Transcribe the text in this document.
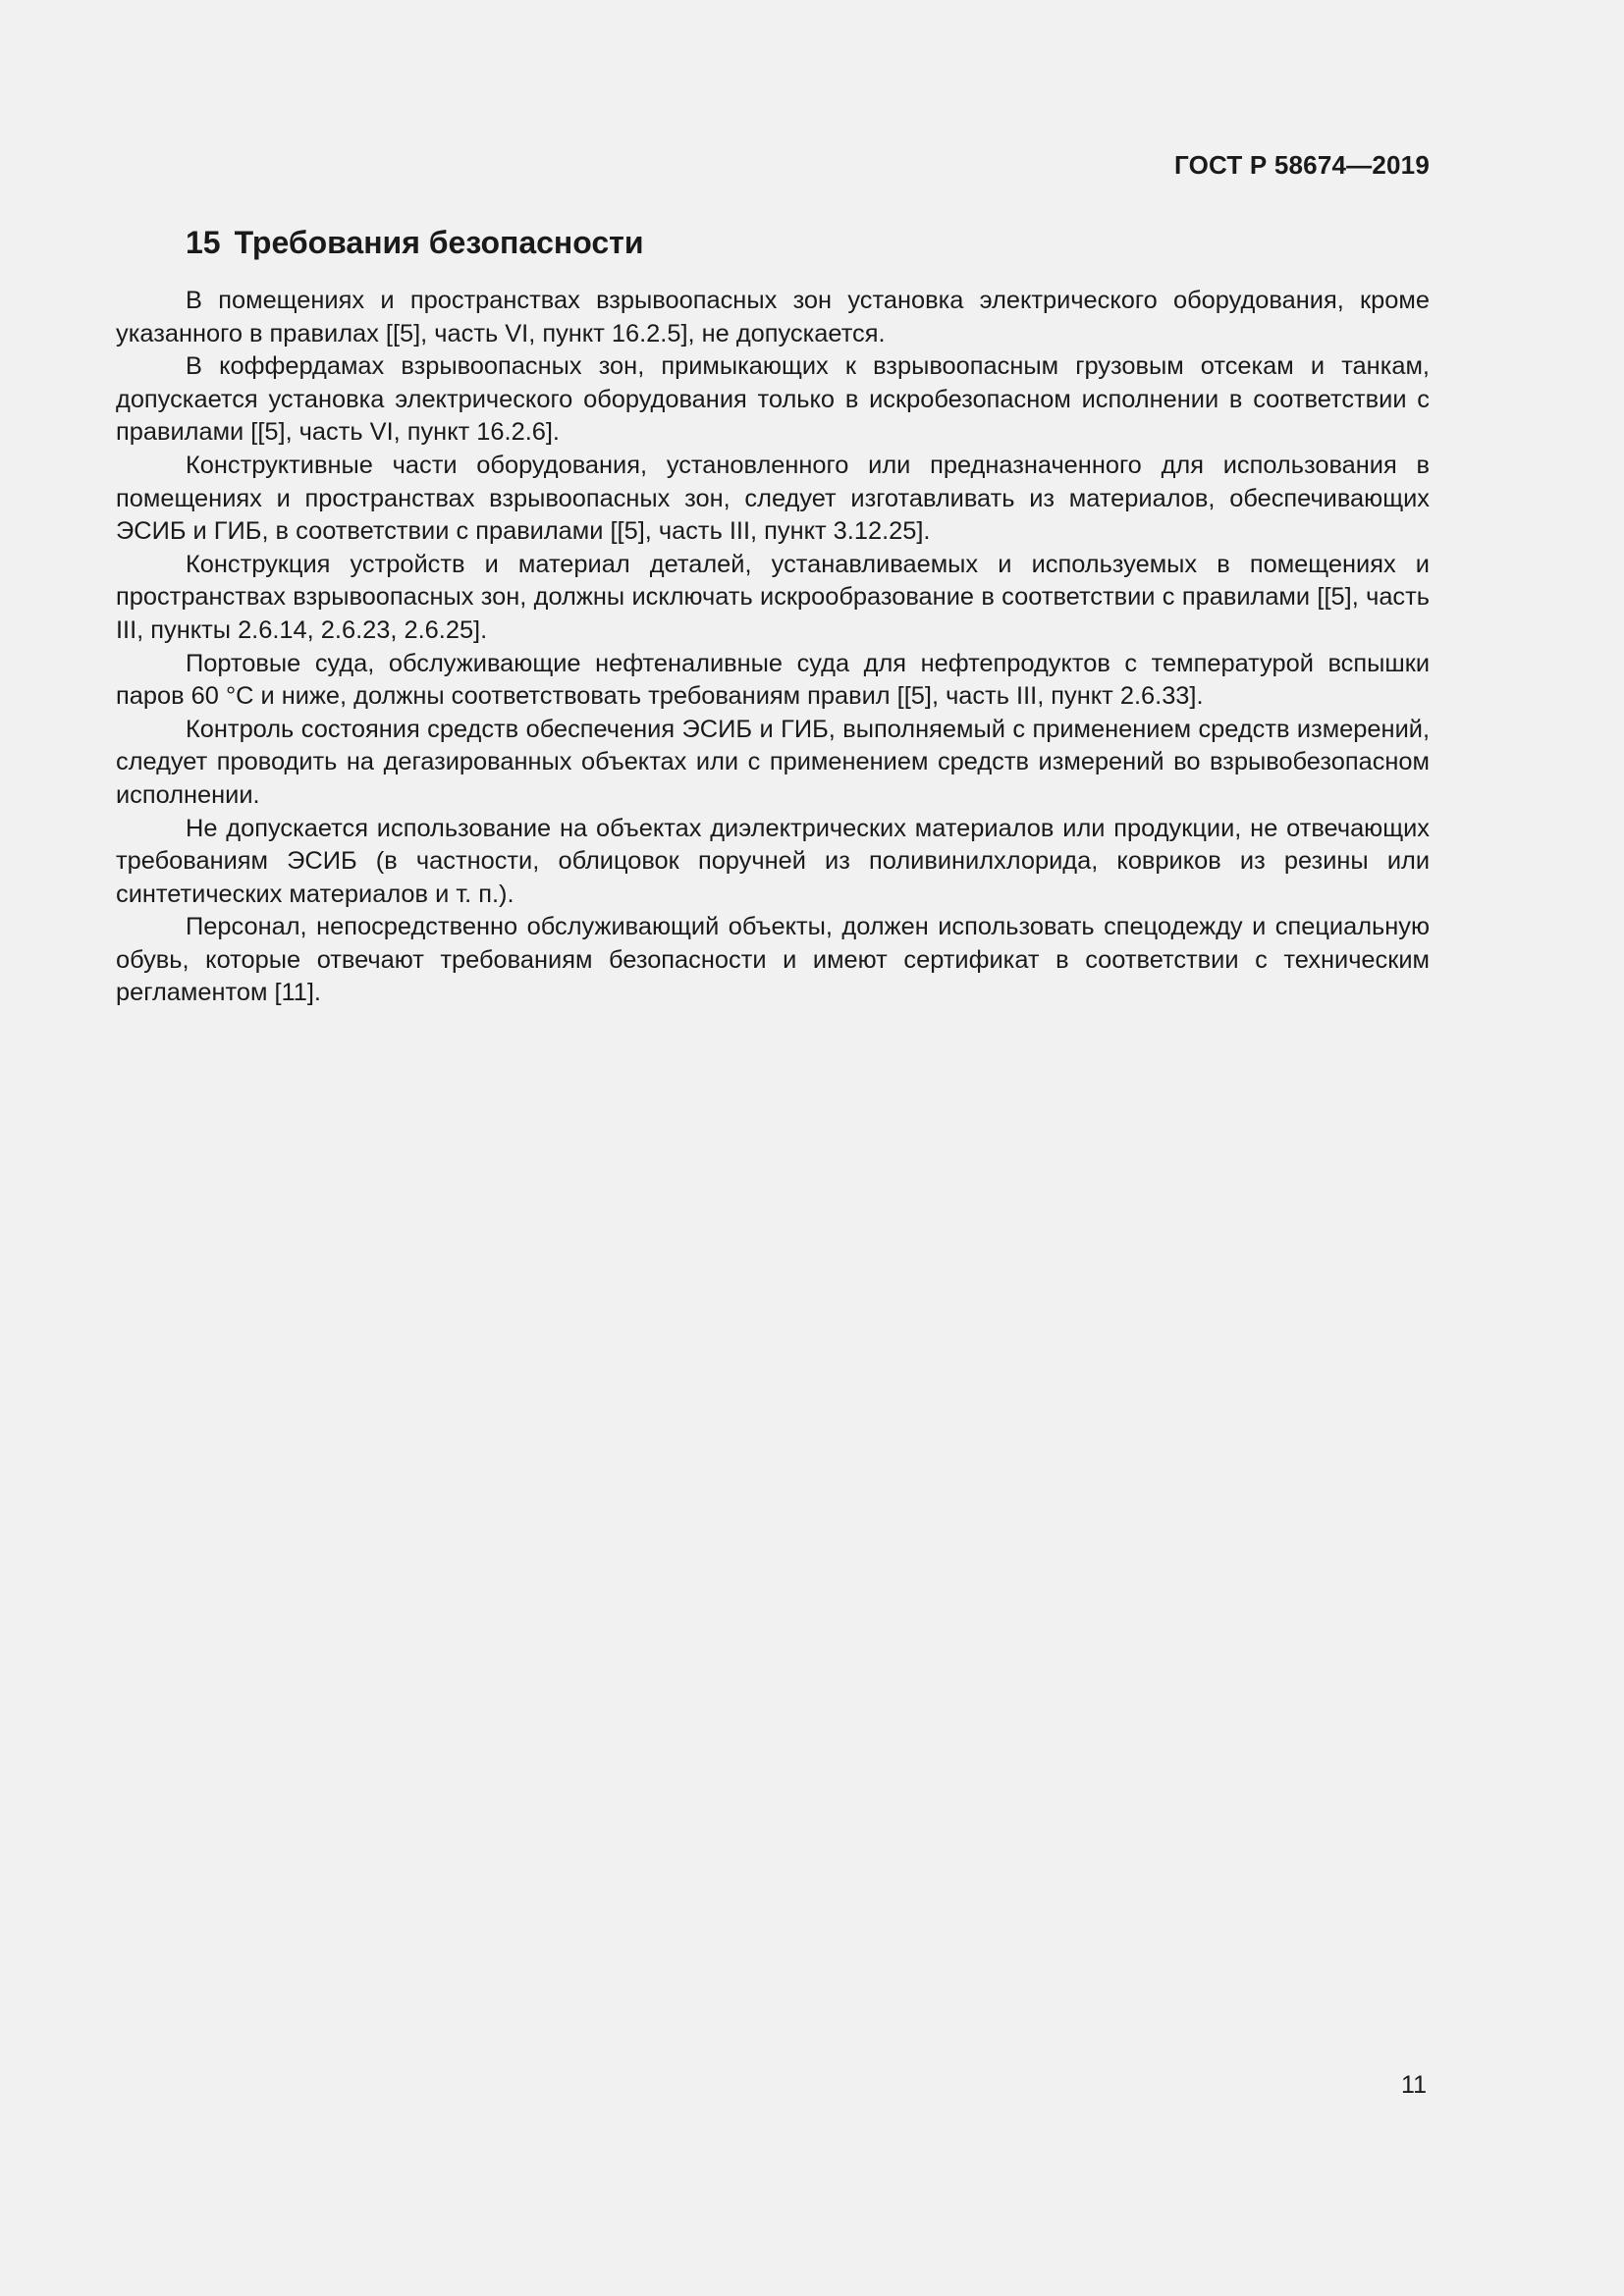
ГОСТ Р 58674—2019
15 Требования безопасности

В помещениях и пространствах взрывоопасных зон установка электрического оборудования, кроме указанного в правилах [[5], часть VI, пункт 16.2.5], не допускается.

В коффердамах взрывоопасных зон, примыкающих к взрывоопасным грузовым отсекам и танкам, допускается установка электрического оборудования только в искробезопасном исполнении в соответствии с правилами [[5], часть VI, пункт 16.2.6].

Конструктивные части оборудования, установленного или предназначенного для использования в помещениях и пространствах взрывоопасных зон, следует изготавливать из материалов, обеспечивающих ЭСИБ и ГИБ, в соответствии с правилами [[5], часть III, пункт 3.12.25].

Конструкция устройств и материал деталей, устанавливаемых и используемых в помещениях и пространствах взрывоопасных зон, должны исключать искрообразование в соответствии с правилами [[5], часть III, пункты 2.6.14, 2.6.23, 2.6.25].

Портовые суда, обслуживающие нефтеналивные суда для нефтепродуктов с температурой вспышки паров 60 °С и ниже, должны соответствовать требованиям правил [[5], часть III, пункт 2.6.33].

Контроль состояния средств обеспечения ЭСИБ и ГИБ, выполняемый с применением средств измерений, следует проводить на дегазированных объектах или с применением средств измерений во взрывобезопасном исполнении.

Не допускается использование на объектах диэлектрических материалов или продукции, не отвечающих требованиям ЭСИБ (в частности, облицовок поручней из поливинилхлорида, ковриков из резины или синтетических материалов и т. п.).

Персонал, непосредственно обслуживающий объекты, должен использовать спецодежду и специальную обувь, которые отвечают требованиям безопасности и имеют сертификат в соответствии с техническим регламентом [11].

11
